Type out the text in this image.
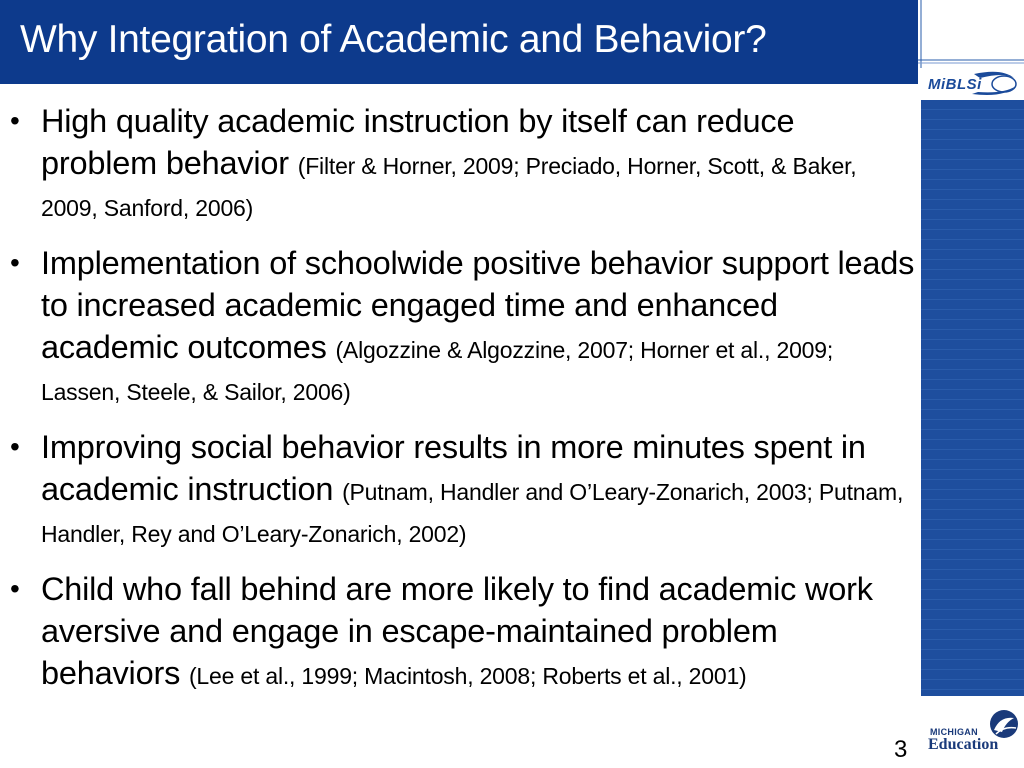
Why Integration of Academic and Behavior?
MiBLSi
• High quality academic instruction by itself can reduce problem behavior (Filter & Horner, 2009; Preciado, Horner, Scott, & Baker, 2009, Sanford, 2006)
• Implementation of schoolwide positive behavior support leads to increased academic engaged time and enhanced academic outcomes (Algozzine & Algozzine, 2007; Horner et al., 2009; Lassen, Steele, & Sailor, 2006)
• Improving social behavior results in more minutes spent in academic instruction (Putnam, Handler and O’Leary-Zonarich, 2003; Putnam, Handler, Rey and O’Leary-Zonarich, 2002)
• Child who fall behind are more likely to find academic work aversive and engage in escape-maintained problem behaviors (Lee et al., 1999; Macintosh, 2008; Roberts et al., 2001)
3
MICHIGAN
Education
